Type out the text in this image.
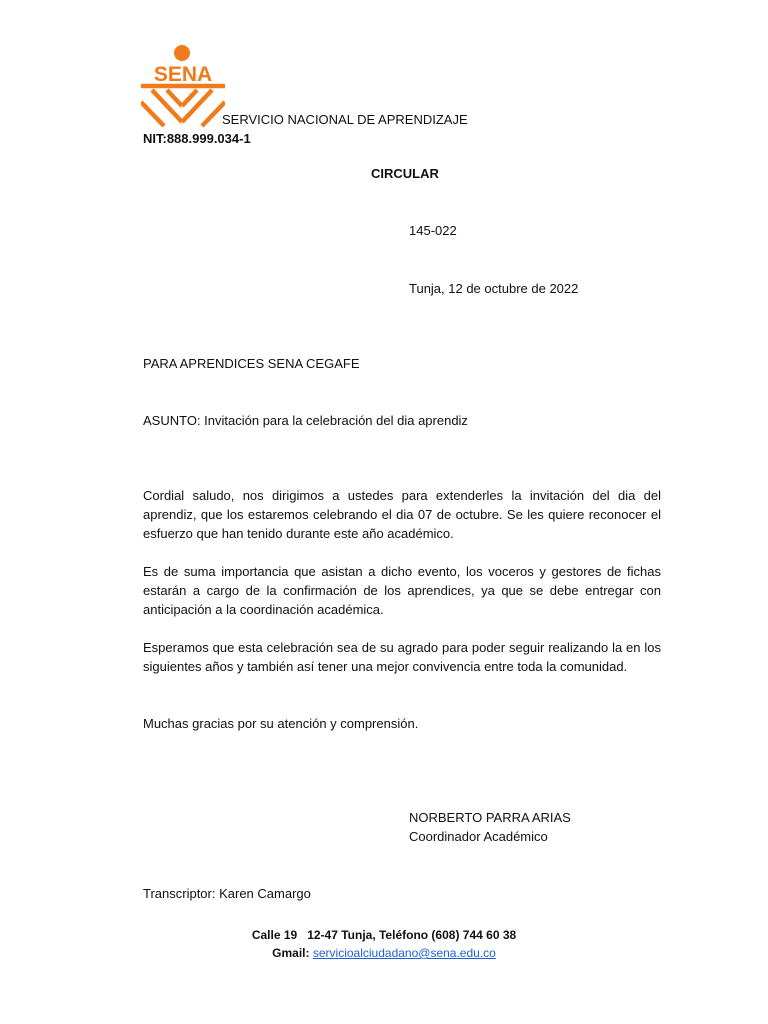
SENA
SERVICIO NACIONAL DE APRENDIZAJE
NIT:888.999.034-1
CIRCULAR
145-022
Tunja, 12 de octubre de 2022
PARA APRENDICES SENA CEGAFE
ASUNTO: Invitación para la celebración del dia aprendiz

Cordial saludo, nos dirigimos a ustedes para extenderles la invitación del dia del aprendiz, que los estaremos celebrando el dia 07 de octubre. Se les quiere reconocer el esfuerzo que han tenido durante este año académico.

Es de suma importancia que asistan a dicho evento, los voceros y gestores de fichas estarán a cargo de la confirmación de los aprendices, ya que se debe entregar con anticipación a la coordinación académica.

Esperamos que esta celebración sea de su agrado para poder seguir realizando la en los siguientes años y también así tener una mejor convivencia entre toda la comunidad.

Muchas gracias por su atención y comprensión.

NORBERTO PARRA ARIAS
Coordinador Académico
Transcriptor: Karen Camargo
Calle 19   12-47 Tunja, Teléfono (608) 744 60 38
Gmail: servicioalciudadano@sena.edu.co
